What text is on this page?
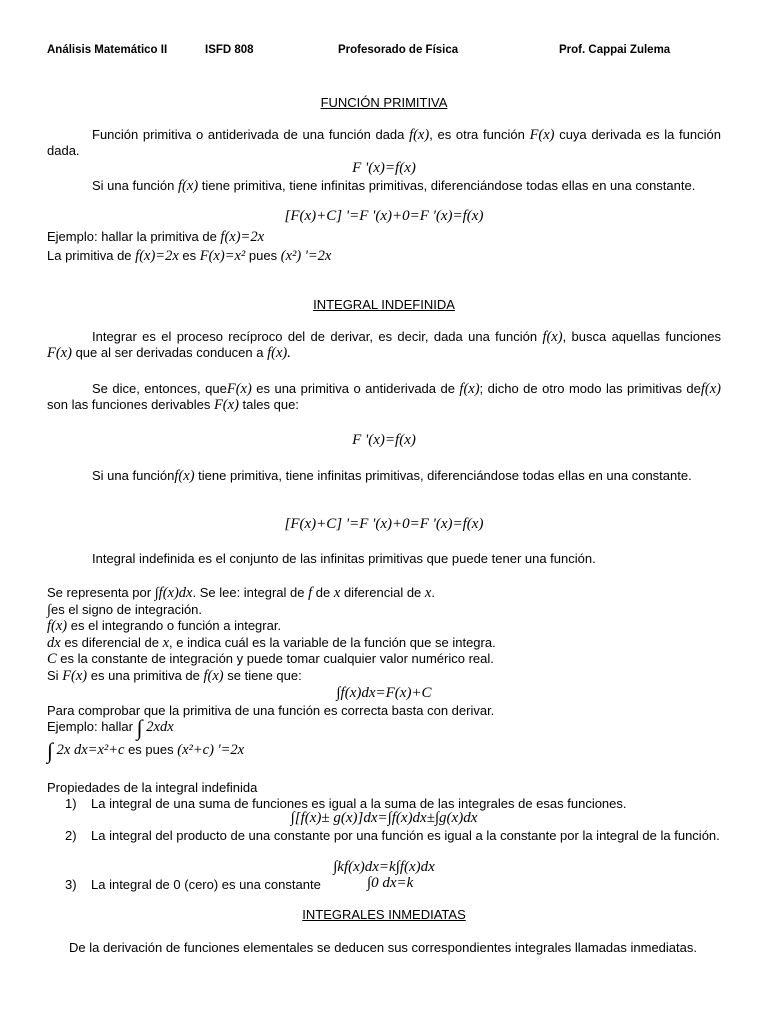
Análisis Matemático II	ISFD 808	Profesorado de Física	Prof. Cappai Zulema
FUNCIÓN PRIMITIVA
Función primitiva o antiderivada de una función dada f(x), es otra función F(x) cuya derivada es la función dada.
F '(x)=f(x)
Si una función f(x) tiene primitiva, tiene infinitas primitivas, diferenciándose todas ellas en una constante.
[F(x)+C] '=F '(x)+0=F '(x)=f(x)
Ejemplo: hallar la primitiva de f(x)=2x
La primitiva de f(x)=2x es F(x)=x² pues (x²) '=2x
INTEGRAL INDEFINIDA
Integrar es el proceso recíproco del de derivar, es decir, dada una función f(x), busca aquellas funciones F(x) que al ser derivadas conducen a f(x).
Se dice, entonces, queF(x) es una primitiva o antiderivada de f(x); dicho de otro modo las primitivas def(x) son las funciones derivables F(x) tales que:
F '(x)=f(x)
Si una funciónf(x) tiene primitiva, tiene infinitas primitivas, diferenciándose todas ellas en una constante.
[F(x)+C] '=F '(x)+0=F '(x)=f(x)
Integral indefinida es el conjunto de las infinitas primitivas que puede tener una función.
Se representa por ∫f(x)dx. Se lee: integral de f de x diferencial de x.
∫es el signo de integración.
f(x) es el integrando o función a integrar.
dx es diferencial de x, e indica cuál es la variable de la función que se integra.
C es la constante de integración y puede tomar cualquier valor numérico real.
Si F(x) es una primitiva de f(x) se tiene que:
∫f(x)dx=F(x)+C
Para comprobar que la primitiva de una función es correcta basta con derivar.
Ejemplo: hallar ∫ 2xdx
∫ 2x dx=x²+c es pues (x²+c) '=2x
Propiedades de la integral indefinida
1)	La integral de una suma de funciones es igual a la suma de las integrales de esas funciones.
∫[f(x)± g(x)]dx=∫f(x)dx±∫g(x)dx
2)	La integral del producto de una constante por una función es igual a la constante por la integral de la función.
∫kf(x)dx=k∫f(x)dx
3)	La integral de 0 (cero) es una constante	∫0 dx=k
INTEGRALES INMEDIATAS
De la derivación de funciones elementales se deducen sus correspondientes integrales llamadas inmediatas.
